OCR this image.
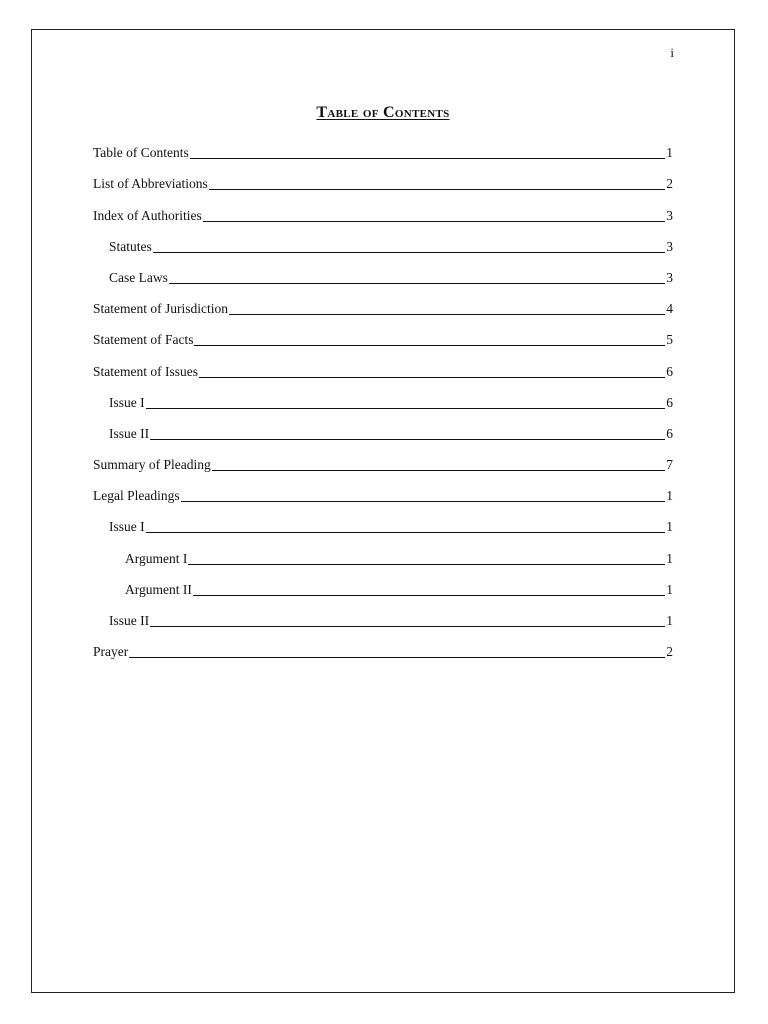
i
Table of Contents
Table of Contents	1
List of Abbreviations	2
Index of Authorities	3
Statutes	3
Case Laws	3
Statement of Jurisdiction	4
Statement of Facts	5
Statement of Issues	6
Issue I	6
Issue II	6
Summary of Pleading	7
Legal Pleadings	1
Issue I	1
Argument I	1
Argument II	1
Issue II	1
Prayer	2
